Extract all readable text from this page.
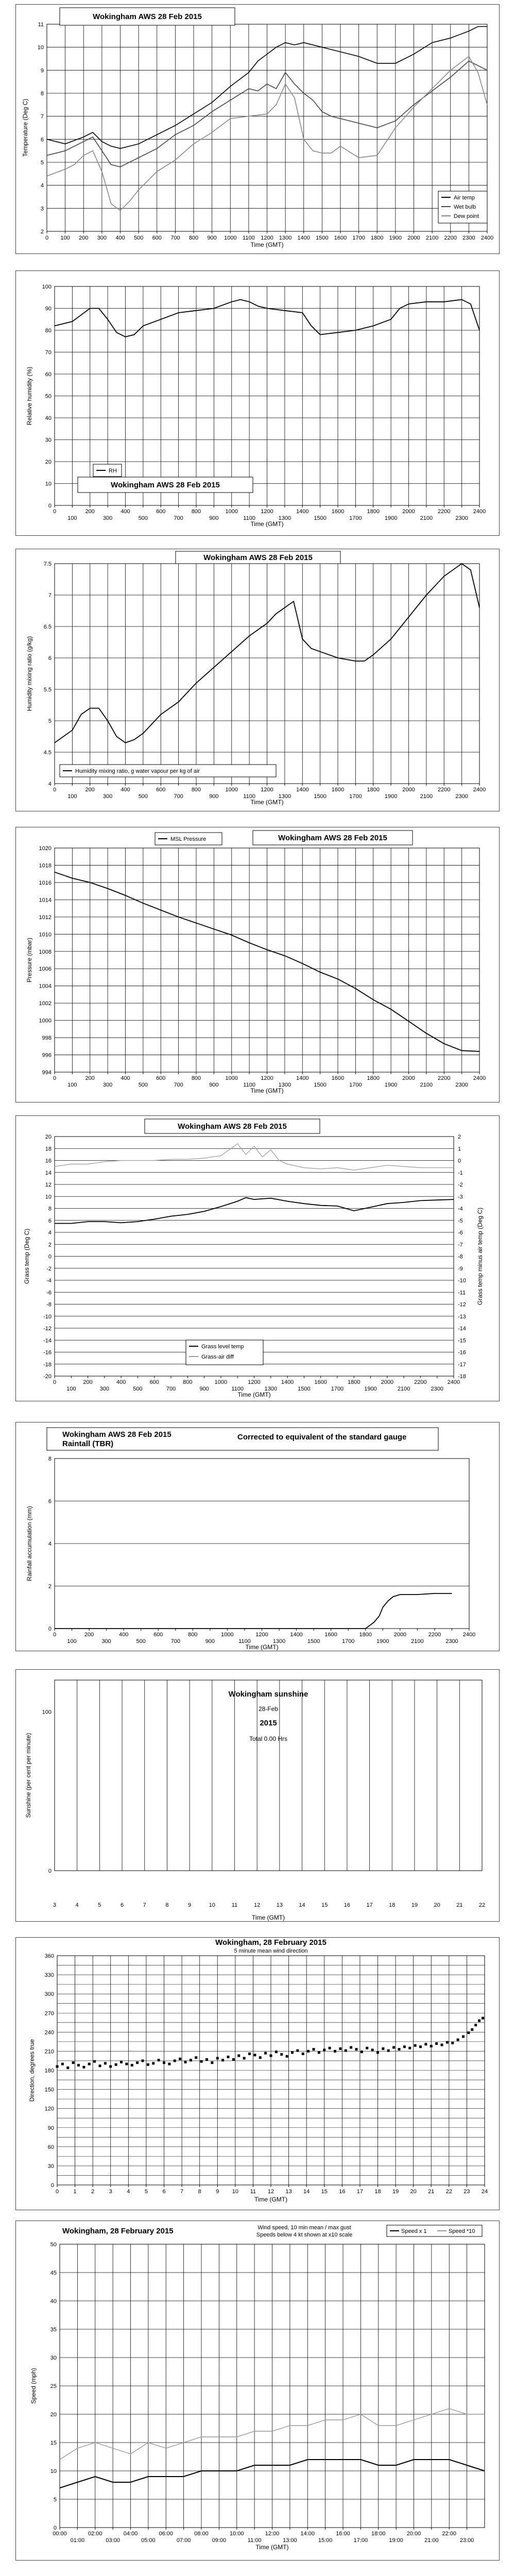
2
3
4
5
6
7
8
9
10
11
Temperature (Deg C)
0 100 200 300 400 500 600 700 800 900 1000 1100 1200 1300 1400 1500 1600 1700 1800 1900 2000 2100 2200 2300 2400
Time (GMT)
Wokingham AWS 28 Feb 2015
Air temp
Wet bulb
Dew point
0
10
20
30
40
50
60
70
80
90
100
Relative humidity (%)
0	200	400	600	800	1000	1200	1400	1600	1800	2000	2200	2400
100	300	500	700	900	1100	1300	1500	1700	1900	2100	2300
Time (GMT)
RH
Wokingham AWS 28 Feb 2015
4
4.5
5
5.5
6
6.5
7
7.5
Humidity mixing ratio (g/kg)
0	200	400	600	800	1000	1200	1400	1600	1800	2000	2200	2400
100	300	500	700	900	1100	1300	1500	1700	1900	2100	2300
Time (GMT)
Wokingham AWS 28 Feb 2015
Humidity mixing ratio, g water vapour per kg of air
994
996
998
1000
1002
1004
1006
1008
1010
1012
1014
1016
1018
1020
Pressure (mbar)
0	200	400	600	800	1000	1200	1400	1600	1800	2000	2200	2400
100	300	500	700	900	1100	1300	1500	1700	1900	2100	2300
Time (GMT)
MSL Pressure	Wokingham AWS 28 Feb 2015
-20
-18
-16
-14
-12
-10
-8
-6
-4
-2
0
2
4
6
8
10
12
14
16
18
20
Grass temp (Deg C)
-18
-17
-16
-15
-14
-13
-12
-11
-10
-9
-8
-7
-6
-5
-4
-3
-2
-1
0
1
2
Grass temp minus air temp (Deg C)
0	200	400	600	800	1000	1200	1400	1600	1800	2000	2200	2400
100	300	500	700	900	1100	1300	1500	1700	1900	2100	2300
Time (GMT)
Wokingham AWS 28 Feb 2015
Grass level temp
Grass-air diff
0
2
4
6
8
Rainfall accumulation (mm)
0	200	400	600	800	1000	1200	1400	1600	1800	2000	2200	2400
100	300	500	700	900	1100	1300	1500	1700	1900	2100	2300
Time (GMT)
Wokingham AWS 28 Feb 2015
Raintall (TBR)
Corrected to equivalent of the standard gauge
0
100
Sunshine (per cent per minute)
3	4	5	6	7	8	9	10	11	12	13	14	15	16	17	18	19	20	21	22
Time (GMT)
Wokingham sunshine
28-Feb
2015
Total 0.00 Hrs
0
30
60
90
120
150
180
210
240
270
300
330
360
Direction, degrees true
0	1	2	3	4	5	6	7	8	9 10 11 12 13 14 15 16 17 18 19 20 21 22 23 24
Time (GMT)
Wokingham, 28 February 2015
5 minute mean wind direction
0
5
10
15
20
25
30
35
40
45
50
Speed (mph)
00:00	02:00	04:00	06:00	08:00	10:00	12:00	14:00	16:00	18:00	20:00	22:00
01:00	03:00	05:00	07:00	09:00	11:00	13:00	15:00	17:00	19:00	21:00	23:00
Time (GMT)
Wokingham, 28 February 2015	Wind speed, 10 min mean / max gust
Speeds below 4 kt shown at x10 scale
Speed x 1	Speed *10
